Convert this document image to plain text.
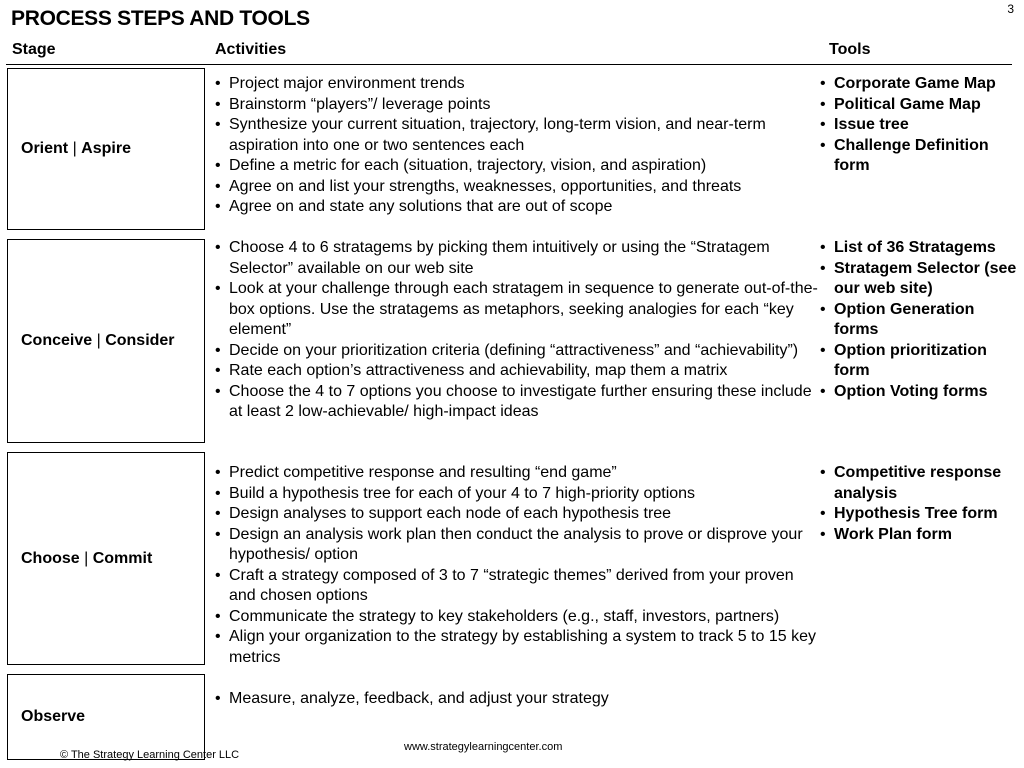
3
PROCESS STEPS AND TOOLS
Stage	Activities	Tools
Orient | Aspire
• Project major environment trends
• Brainstorm “players”/ leverage points
• Synthesize your current situation, trajectory, long-term vision, and near-term aspiration into one or two sentences each
• Define a metric for each (situation, trajectory, vision, and aspiration)
• Agree on and list your strengths, weaknesses, opportunities, and threats
• Agree on and state any solutions that are out of scope
• Corporate Game Map
• Political Game Map
• Issue tree
• Challenge Definition form
Conceive | Consider
• Choose 4 to 6 stratagems by picking them intuitively or using the “Stratagem Selector” available on our web site
• Look at your challenge through each stratagem in sequence to generate out-of-the-box options. Use the stratagems as metaphors, seeking analogies for each “key element”
• Decide on your prioritization criteria (defining “attractiveness” and “achievability”)
• Rate each option’s attractiveness and achievability, map them a matrix
• Choose the 4 to 7 options you choose to investigate further ensuring these include at least 2 low-achievable/ high-impact ideas
• List of 36 Stratagems
• Stratagem Selector (see our web site)
• Option Generation forms
• Option prioritization form
• Option Voting forms
Choose | Commit
• Predict competitive response and resulting “end game”
• Build a hypothesis tree for each of your 4 to 7 high-priority options
• Design analyses to support each node of each hypothesis tree
• Design an analysis work plan then conduct the analysis to prove or disprove your hypothesis/ option
• Craft a strategy composed of 3 to 7 “strategic themes” derived from your proven and chosen options
• Communicate the strategy to key stakeholders (e.g., staff, investors, partners)
• Align your organization to the strategy by establishing a system to track 5 to 15 key metrics
• Competitive response analysis
• Hypothesis Tree form
• Work Plan form
Observe
• Measure, analyze, feedback, and adjust your strategy
www.strategylearningcenter.com
© The Strategy Learning Center LLC
